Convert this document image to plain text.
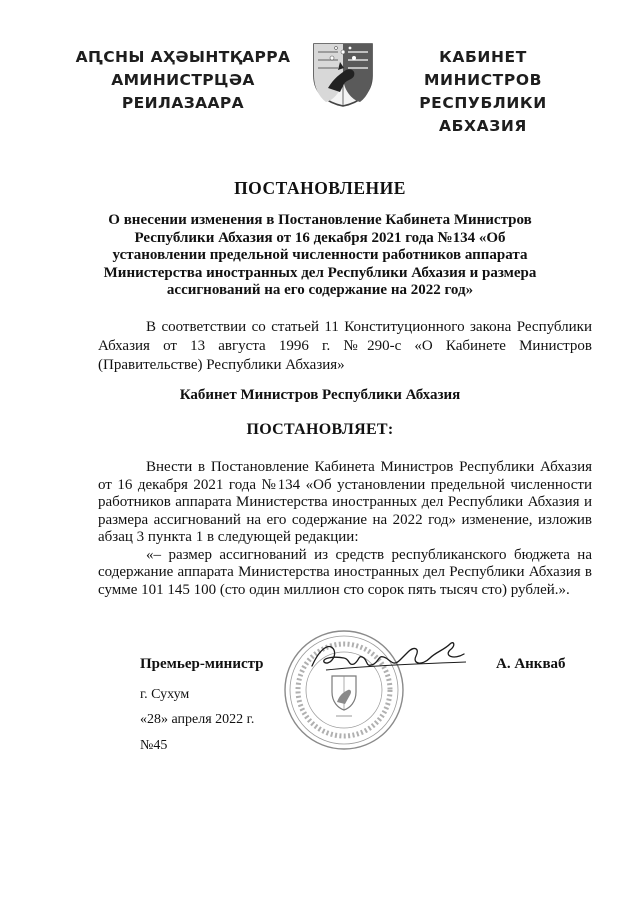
АԤСНЫ АҲӘЫНТҚАРРА
АМИНИСТРЦӘА РЕИЛАЗААРА
КАБИНЕТ МИНИСТРОВ
РЕСПУБЛИКИ АБХАЗИЯ
ПОСТАНОВЛЕНИЕ
О внесении изменения в Постановление Кабинета Министров Республики Абхазия от 16 декабря 2021 года №134 «Об установлении предельной численности работников аппарата Министерства иностранных дел Республики Абхазия и размера ассигнований на его содержание на 2022 год»
В соответствии со статьей 11 Конституционного закона Республики Абхазия от 13 августа 1996 г. №290-с «О Кабинете Министров (Правительстве) Республики Абхазия»
Кабинет Министров Республики Абхазия
ПОСТАНОВЛЯЕТ:

Внести в Постановление Кабинета Министров Республики Абхазия от 16 декабря 2021 года №134 «Об установлении предельной численности работников аппарата Министерства иностранных дел Республики Абхазия и размера ассигнований на его содержание на 2022 год» изменение, изложив абзац 3 пункта 1 в следующей редакции:

«– размер ассигнований из средств республиканского бюджета на содержание аппарата Министерства иностранных дел Республики Абхазия в сумме 101 145 100 (сто один миллион сто сорок пять тысяч сто) рублей.».

Премьер-министр	А. Анкваб
г. Сухум
«28» апреля 2022 г.
№45
